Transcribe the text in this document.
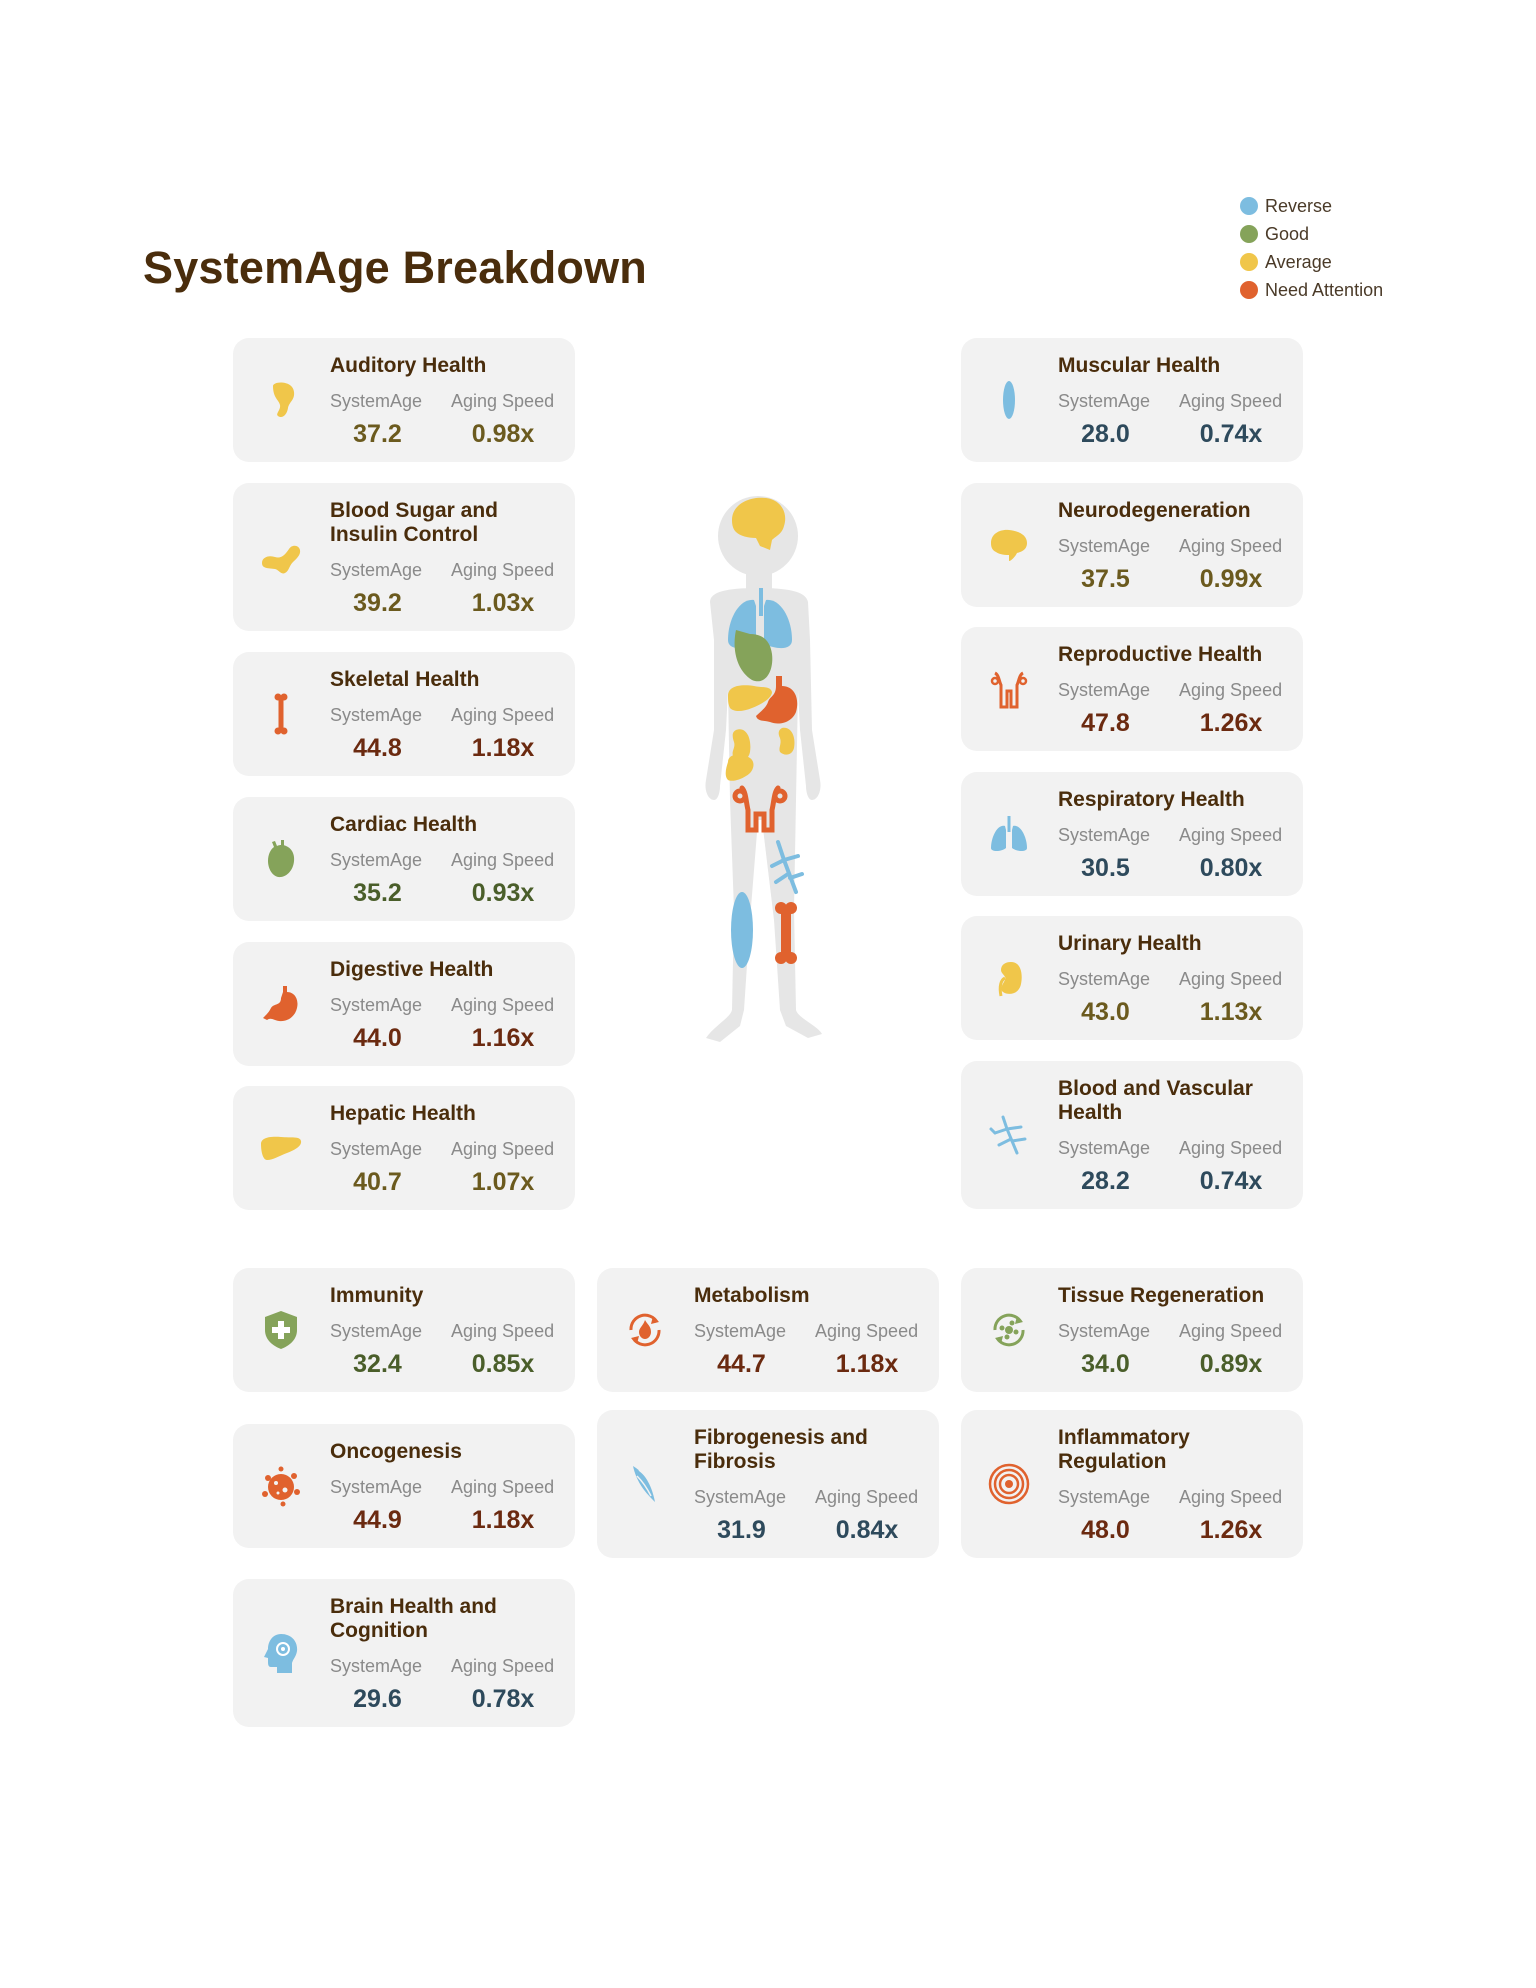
SystemAge Breakdown
Reverse
Good
Average
Need Attention
Auditory Health
SystemAge	Aging Speed
37.2	0.98x
Blood Sugar and Insulin Control
SystemAge	Aging Speed
39.2	1.03x
Skeletal Health
SystemAge	Aging Speed
44.8	1.18x
Cardiac Health
SystemAge	Aging Speed
35.2	0.93x
Digestive Health
SystemAge	Aging Speed
44.0	1.16x
Hepatic Health
SystemAge	Aging Speed
40.7	1.07x
Muscular Health
SystemAge	Aging Speed
28.0	0.74x
Neurodegeneration
SystemAge	Aging Speed
37.5	0.99x
Reproductive Health
SystemAge	Aging Speed
47.8	1.26x
Respiratory Health
SystemAge	Aging Speed
30.5	0.80x
Urinary Health
SystemAge	Aging Speed
43.0	1.13x
Blood and Vascular Health
SystemAge	Aging Speed
28.2	0.74x
Immunity
SystemAge	Aging Speed
32.4	0.85x
Metabolism
SystemAge	Aging Speed
44.7	1.18x
Tissue Regeneration
SystemAge	Aging Speed
34.0	0.89x
Oncogenesis
SystemAge	Aging Speed
44.9	1.18x
Fibrogenesis and Fibrosis
SystemAge	Aging Speed
31.9	0.84x
Inflammatory Regulation
SystemAge	Aging Speed
48.0	1.26x
Brain Health and Cognition
SystemAge	Aging Speed
29.6	0.78x
